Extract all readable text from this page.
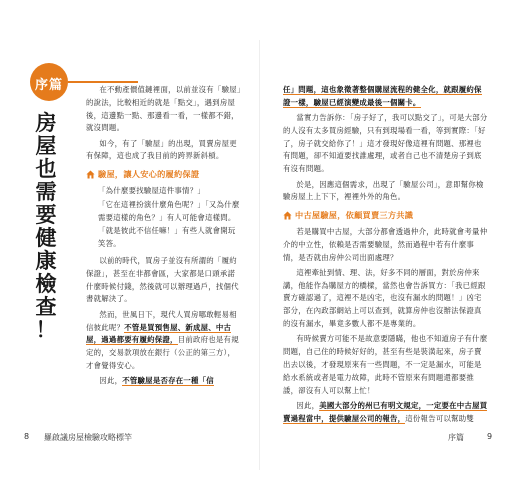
序篇
房
屋
也
需
要
健
康
檢
查
！

在不動產價值鏈裡面，以前並沒有「驗屋」的說法，比較相近的就是「點交」，遇到房屋後，這邊點一點、那邊看一看，一樣都不錯，就沒問題。

如今，有了「驗屋」的出現，買賣房屋更有保障，這也成了我目前的跨界新斜槓。

驗屋，讓人安心的履約保證

「為什麼要找驗屋這件事情？」

「它在這裡扮演什麼角色呢？」「又為什麼需要這樣的角色？」有人可能會這樣問。

「就是彼此不信任嘛！」有些人就會開玩笑答。

以前的時代，買房子並沒有所謂的「履約保證」，甚至在非都會區，大家都是口頭承諾什麼時候付錢，然後就可以辦理過戶，找個代書就解決了。

然而，世風日下，現代人買房哪敢輕易相信彼此呢？不管是買預售屋、新成屋、中古屋，過過都要有履約保證，目前政府也是有規定的，交易款項放在銀行（公正的第三方），才會覺得安心。

因此，不管驗屋是否存在一種「信

8 羅啟議房屋檢驗攻略標竿

任」問題，這也象徵著整個購屋流程的健全化，就跟履約保證一樣，驗屋已經演變成最後一個關卡。

當實力告訴你：「房子好了，我可以點交了」，可是大部分的人沒有太多買房經驗，只有到現場看一看，等到實際：「好了，房子就交給你了！」這才發現好像這裡有問題、那裡也有問題，卻不知道要找誰處理，或者自己也不清楚房子到底有沒有問題。

於是，因應這個需求，出現了「驗屋公司」，意即幫你檢驗房屋上上下下，裡裡外外的角色。

中古屋驗屋，依顧買賣三方共識

若是購買中古屋，大部分都會透過仲介，此時就會考量仲介的中立性，依賴是否需要驗屋，然而過程中若有什麼事情，是否就由房仲公司出面處理？

這裡牽扯到情、理、法，好多不同的層面，對於房仲來講，他能作為購屋方的橋樑，當然也會告訴買方：「我已經跟賣方確認過了，這裡不是凶宅，也沒有漏水的問題！」凶宅部分，在內政部網站上可以查到，就算房仲也沒辦法保證真的沒有漏水，畢竟多數人都不是專業的。

有時候賣方可能不是故意要隱瞞，他也不知道房子有什麼問題，自己住的時候好好的，甚至有些是裝潢起來，房子賣出去以後，才發現原來有一些問題，不一定是漏水，可能是給水系統或者是電力故障，此時不管原來有問題還都要推諉，卻沒有人可以幫上忙！

因此，美國大部分的州已有明文規定，一定要在中古屋買賣過程當中，提供驗屋公司的報告，這份報告可以幫助雙

序篇	9
